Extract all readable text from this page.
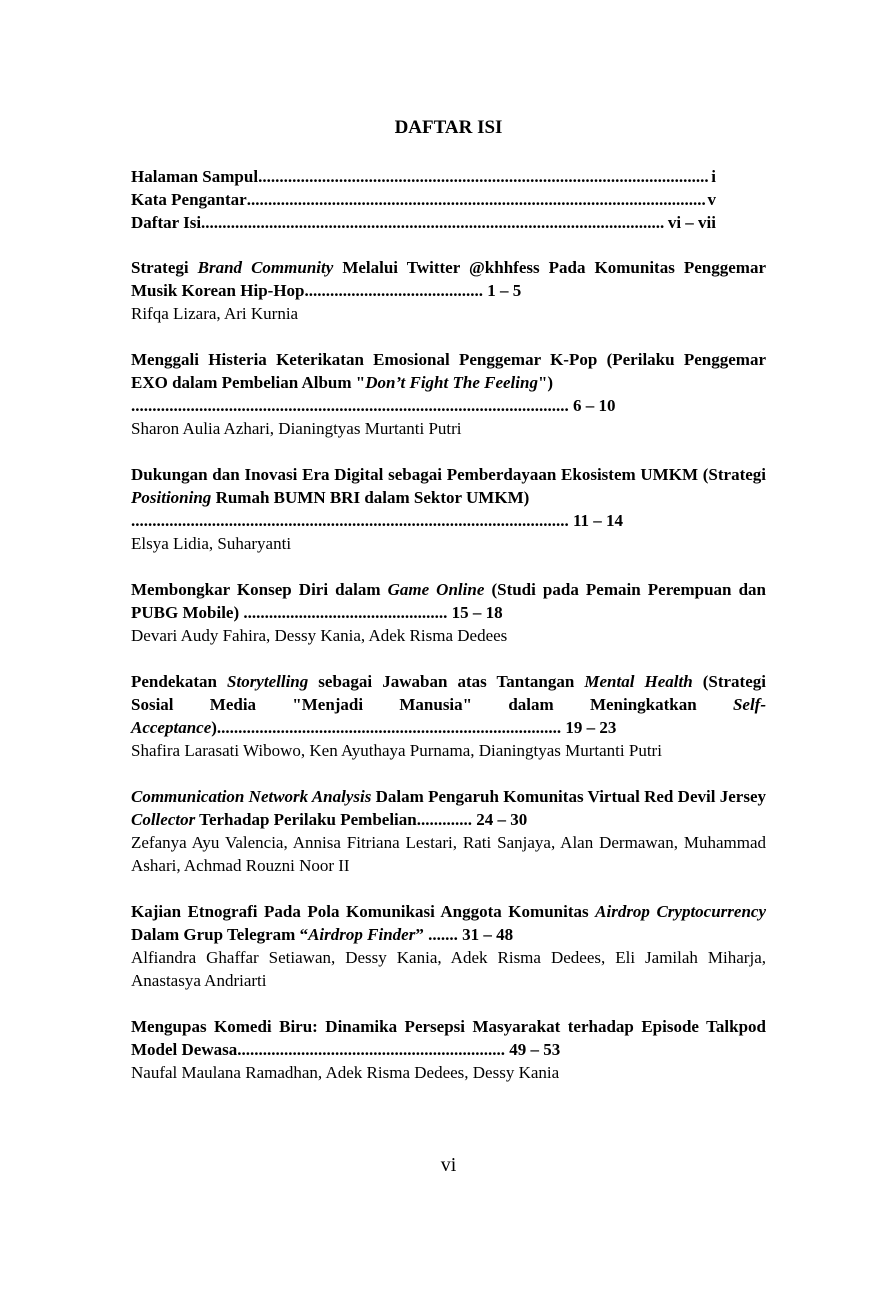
DAFTAR ISI
Halaman Sampul .....	i
Kata Pengantar .....	v
Daftar Isi .....	vi – vii
Strategi Brand Community Melalui Twitter @khhfess Pada Komunitas Penggemar Musik Korean Hip-Hop.......................................... 1 – 5
Rifqa Lizara, Ari Kurnia
Menggali Histeria Keterikatan Emosional Penggemar K-Pop (Perilaku Penggemar EXO dalam Pembelian Album "Don’t Fight The Feeling")
....................................................................................................... 6 – 10
Sharon Aulia Azhari, Dianingtyas Murtanti Putri
Dukungan dan Inovasi Era Digital sebagai Pemberdayaan Ekosistem UMKM (Strategi Positioning Rumah BUMN BRI dalam Sektor UMKM)
....................................................................................................... 11 – 14
Elsya Lidia, Suharyanti
Membongkar Konsep Diri dalam Game Online (Studi pada Pemain Perempuan dan PUBG Mobile) ................................................ 15 – 18
Devari Audy Fahira, Dessy Kania, Adek Risma Dedees
Pendekatan Storytelling sebagai Jawaban atas Tantangan Mental Health (Strategi Sosial Media "Menjadi Manusia" dalam Meningkatkan Self-Acceptance)................................................................................. 19 – 23
Shafira Larasati Wibowo, Ken Ayuthaya Purnama, Dianingtyas Murtanti Putri
Communication Network Analysis Dalam Pengaruh Komunitas Virtual Red Devil Jersey Collector Terhadap Perilaku Pembelian............. 24 – 30
Zefanya Ayu Valencia, Annisa Fitriana Lestari, Rati Sanjaya, Alan Dermawan, Muhammad Ashari, Achmad Rouzni Noor II
Kajian Etnografi Pada Pola Komunikasi Anggota Komunitas Airdrop Cryptocurrency Dalam Grup Telegram “Airdrop Finder” ....... 31 – 48
Alfiandra Ghaffar Setiawan, Dessy Kania, Adek Risma Dedees, Eli Jamilah Miharja, Anastasya Andriarti
Mengupas Komedi Biru: Dinamika Persepsi Masyarakat terhadap Episode Talkpod Model Dewasa............................................................... 49 – 53
Naufal Maulana Ramadhan, Adek Risma Dedees, Dessy Kania
vi
